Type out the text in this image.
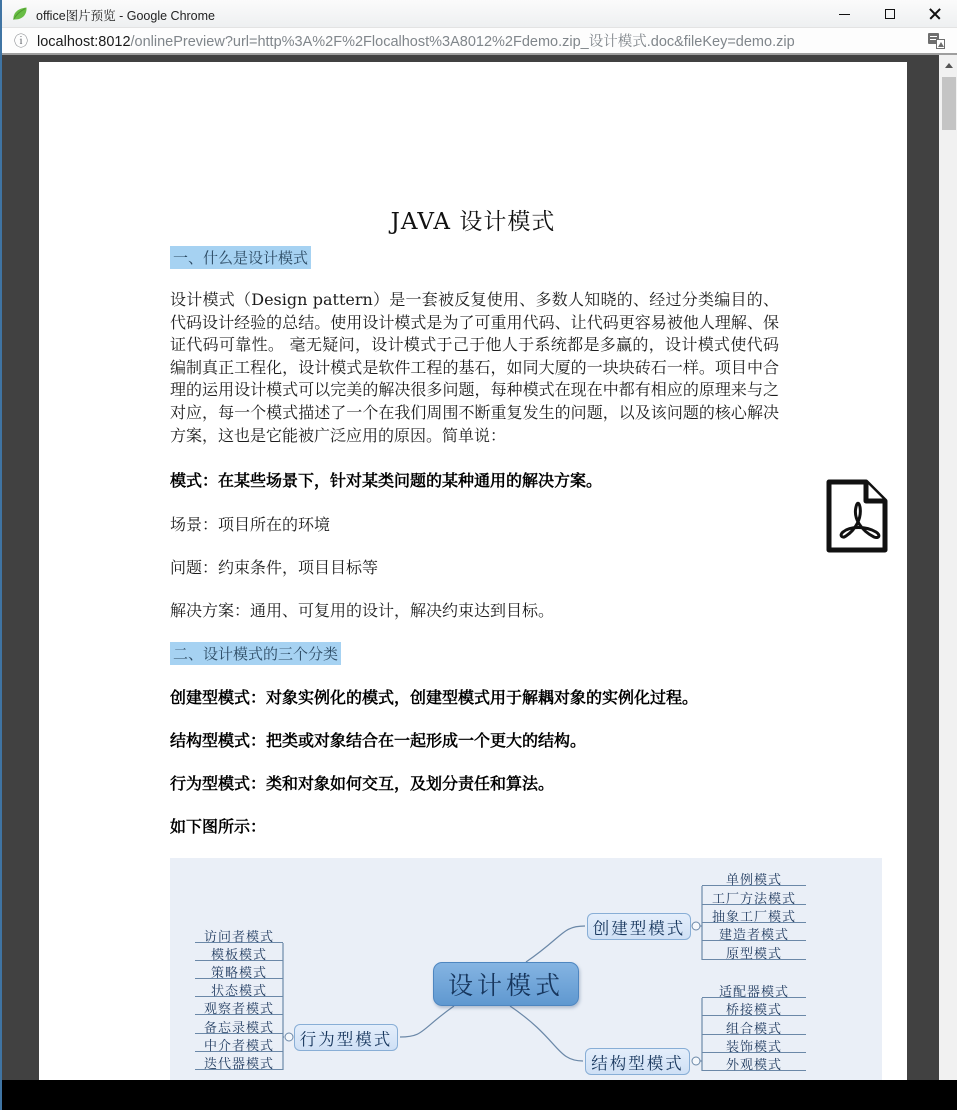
office图片预览 - Google Chrome
ⓘ localhost:8012/onlinePreview?url=http%3A%2F%2Flocalhost%3A8012%2Fdemo.zip_设计模式.doc&fileKey=demo.zip
JAVA 设计模式
一、什么是设计模式
设计模式（Design pattern）是一套被反复使用、多数人知晓的、经过分类编目的、代码设计经验的总结。使用设计模式是为了可重用代码、让代码更容易被他人理解、保证代码可靠性。 毫无疑问，设计模式于己于他人于系统都是多赢的，设计模式使代码编制真正工程化，设计模式是软件工程的基石，如同大厦的一块块砖石一样。项目中合理的运用设计模式可以完美的解决很多问题，每种模式在现在中都有相应的原理来与之对应，每一个模式描述了一个在我们周围不断重复发生的问题，以及该问题的核心解决方案，这也是它能被广泛应用的原因。简单说：
模式：在某些场景下，针对某类问题的某种通用的解决方案。
场景：项目所在的环境
问题：约束条件，项目目标等
解决方案：通用、可复用的设计，解决约束达到目标。
二、设计模式的三个分类
创建型模式：对象实例化的模式，创建型模式用于解耦对象的实例化过程。
结构型模式：把类或对象结合在一起形成一个更大的结构。
行为型模式：类和对象如何交互，及划分责任和算法。
如下图所示：
设计模式
行为型模式
创建型模式
结构型模式
访问者模式
模板模式
策略模式
状态模式
观察者模式
备忘录模式
中介者模式
迭代器模式
单例模式
工厂方法模式
抽象工厂模式
建造者模式
原型模式
适配器模式
桥接模式
组合模式
装饰模式
外观模式
